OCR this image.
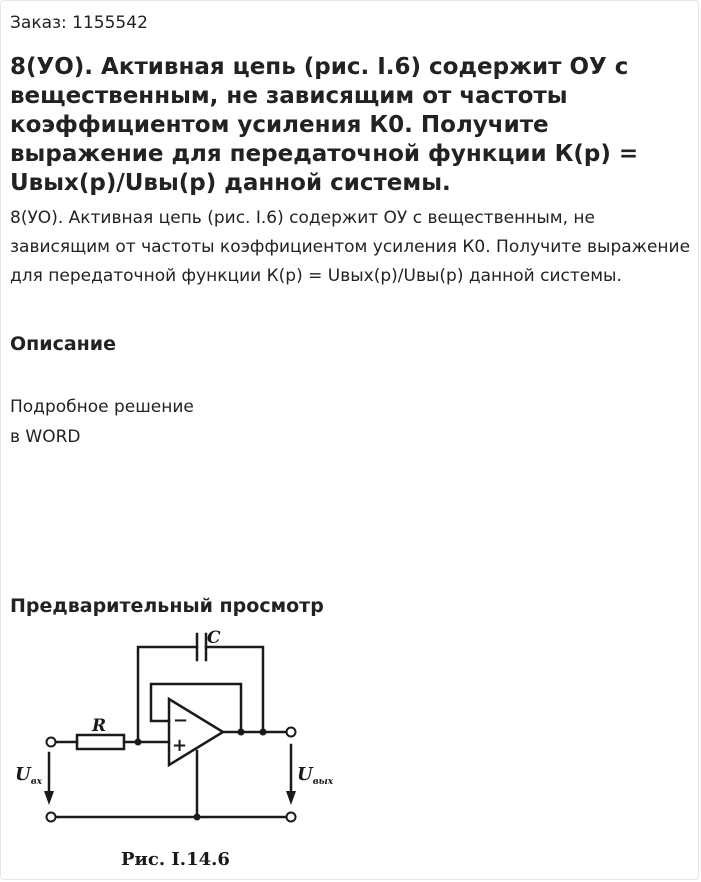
Заказ: 1155542
8(УО). Активная цепь (рис. I.6) содержит ОУ с вещественным, не зависящим от частоты коэффициентом усиления К0. Получите выражение для передаточной функции К(р) = Uвых(р)/Uвы(р) данной системы.

8(УО). Активная цепь (рис. I.6) содержит ОУ с вещественным, не зависящим от частоты коэффициентом усиления К0. Получите выражение для передаточной функции К(р) = Uвых(р)/Uвы(р) данной системы.

Описание
Подробное решение
в WORD
Предварительный просмотр
C
R	−
+
$U_{вх}$	$U_{вых}$
Рис. I.14.6
